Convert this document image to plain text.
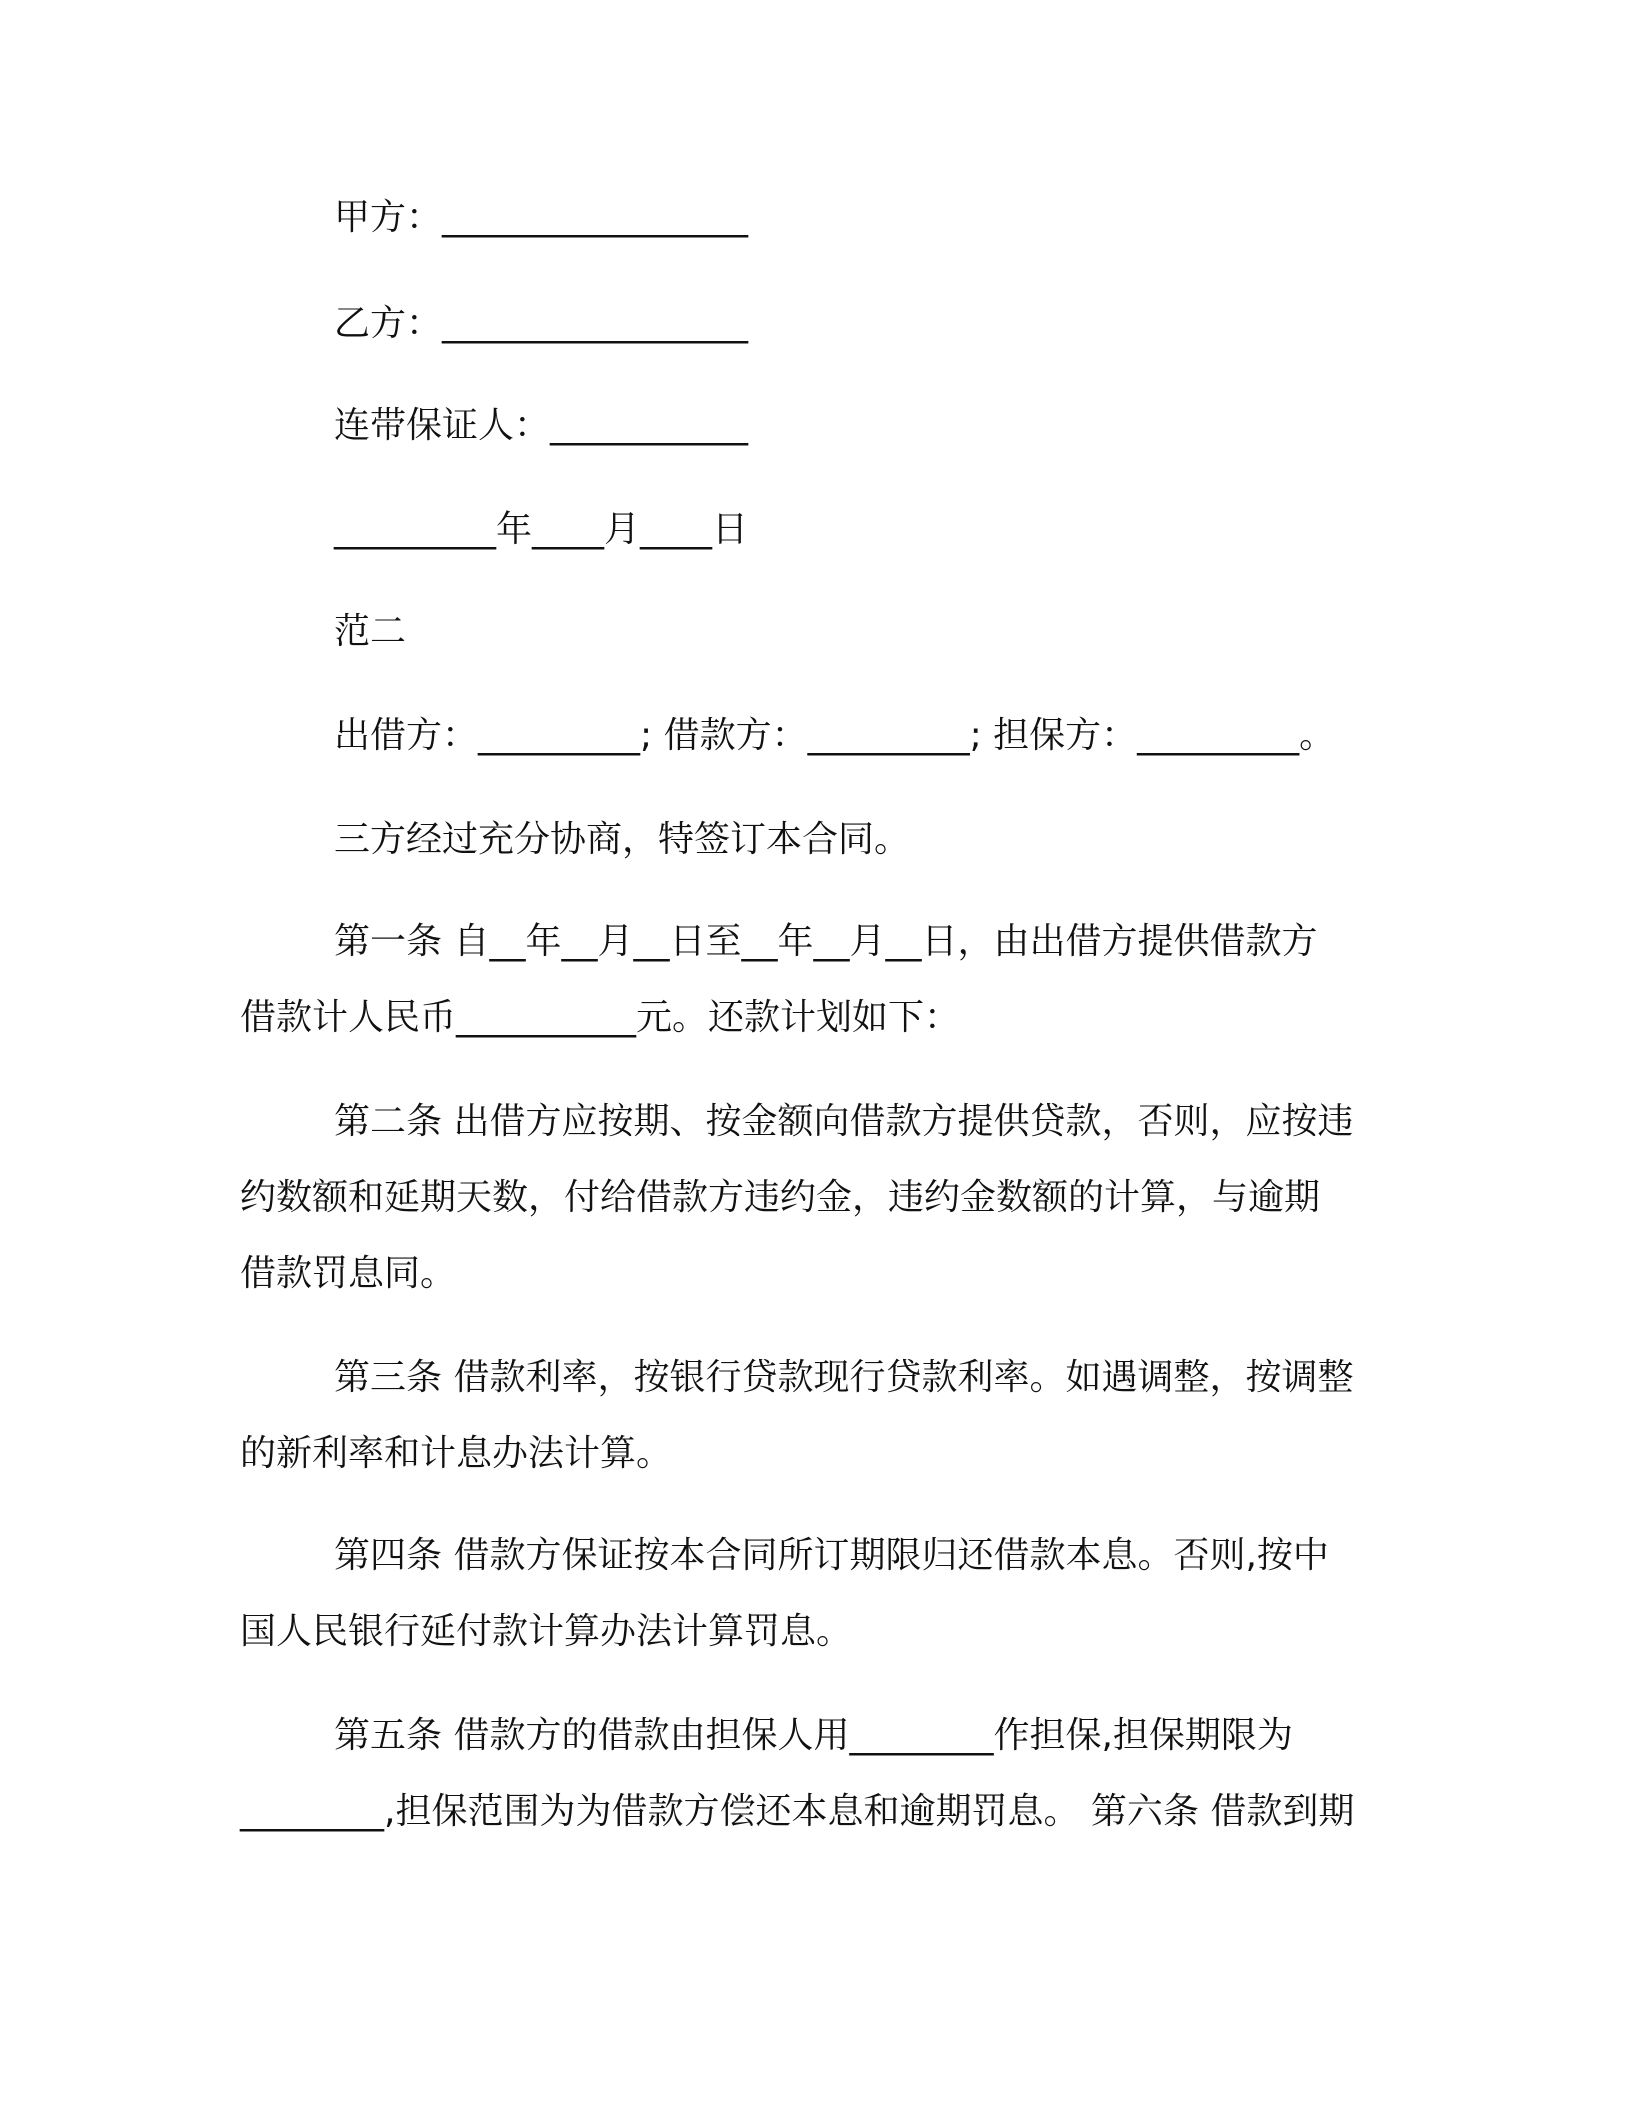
甲方：_________________
乙方：_________________
连带保证人：___________
_________年____月____日
范二
出借方：_________; 借款方：_________; 担保方：_________。
三方经过充分协商，特签订本合同。
第一条 自__年__月__日至__年__月__日，由出借方提供借款方
借款计人民币__________元。还款计划如下：
第二条 出借方应按期、按金额向借款方提供贷款，否则，应按违
约数额和延期天数，付给借款方违约金，违约金数额的计算，与逾期
借款罚息同。
第三条 借款利率，按银行贷款现行贷款利率。如遇调整，按调整
的新利率和计息办法计算。
第四条 借款方保证按本合同所订期限归还借款本息。否则,按中
国人民银行延付款计算办法计算罚息。
第五条 借款方的借款由担保人用________作担保,担保期限为
________,担保范围为为借款方偿还本息和逾期罚息。 第六条 借款到期
